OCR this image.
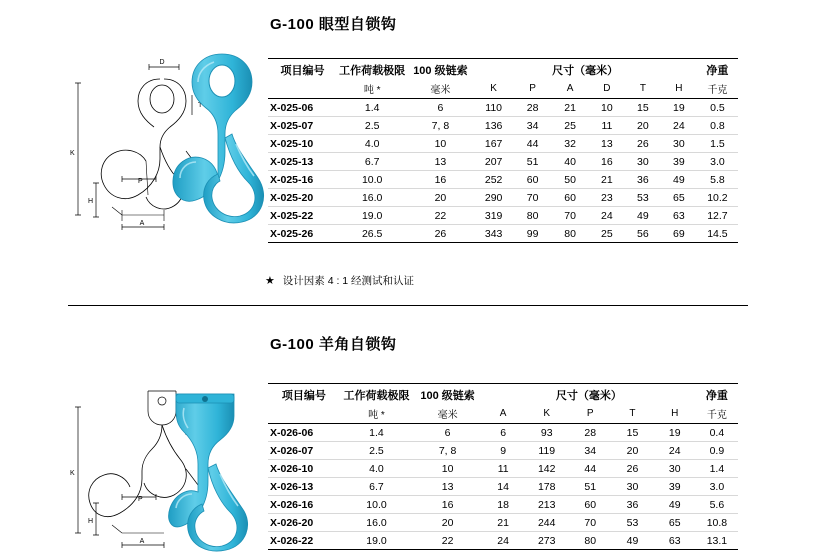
G-100 眼型自锁钩
D
T
K
H
A
P
项目编号	工作荷载极限	100 级链索	尺寸（毫米）						净重
	吨 *	毫米	K	P	A	D	T	H	千克
X-025-06	1.4	6	110	28	21	10	15	19	0.5
X-025-07	2.5	7, 8	136	34	25	11	20	24	0.8
X-025-10	4.0	10	167	44	32	13	26	30	1.5
X-025-13	6.7	13	207	51	40	16	30	39	3.0
X-025-16	10.0	16	252	60	50	21	36	49	5.8
X-025-20	16.0	20	290	70	60	23	53	65	10.2
X-025-22	19.0	22	319	80	70	24	49	63	12.7
X-025-26	26.5	26	343	99	80	25	56	69	14.5
★ 设计因素 4 : 1 经测试和认证
G-100 羊角自锁钩
K
H
A
P
项目编号	工作荷载极限	100 级链索	尺寸（毫米）					净重
	吨 *	毫米	A	K	P	T	H	千克
X-026-06	1.4	6	6	93	28	15	19	0.4
X-026-07	2.5	7, 8	9	119	34	20	24	0.9
X-026-10	4.0	10	11	142	44	26	30	1.4
X-026-13	6.7	13	14	178	51	30	39	3.0
X-026-16	10.0	16	18	213	60	36	49	5.6
X-026-20	16.0	20	21	244	70	53	65	10.8
X-026-22	19.0	22	24	273	80	49	63	13.1
